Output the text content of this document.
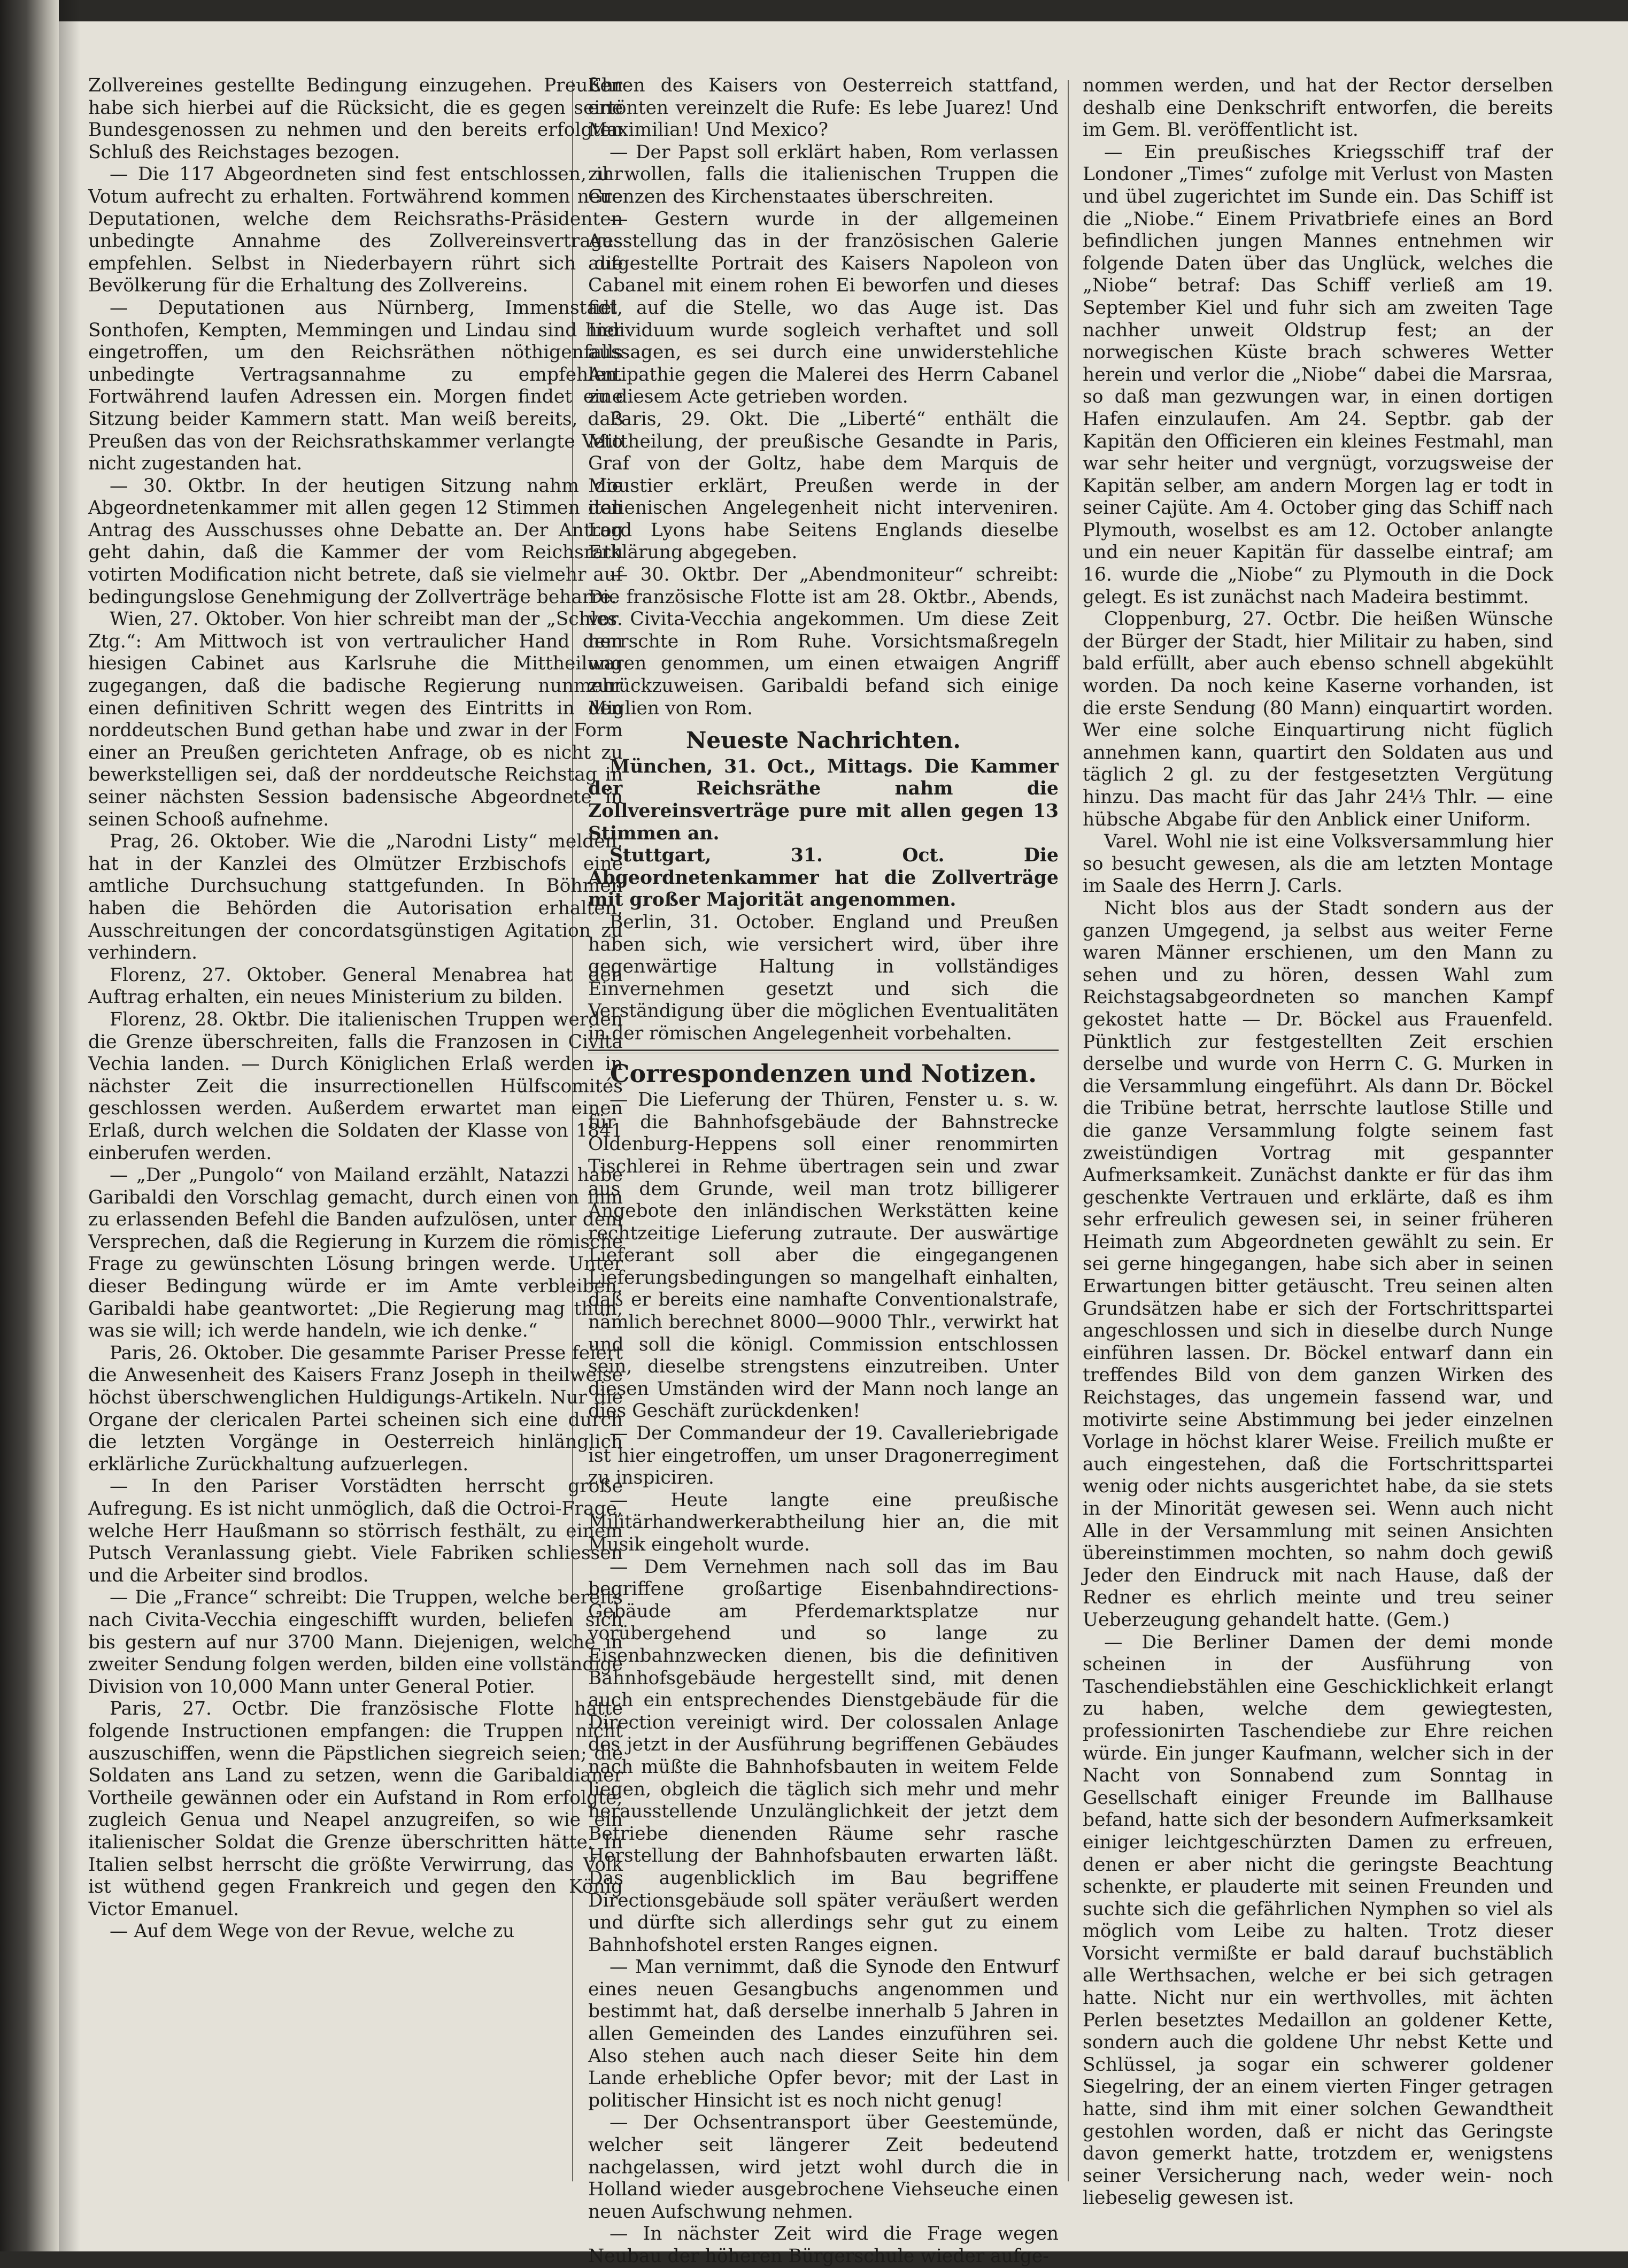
Zollvereines gestellte Bedingung einzugehen. Preußen habe sich hierbei auf die Rücksicht, die es gegen seine Bundesgenossen zu nehmen und den bereits erfolgten Schluß des Reichstages bezogen.

— Die 117 Abgeordneten sind fest entschlossen, ihr Votum aufrecht zu erhalten. Fortwährend kommen neue Deputationen, welche dem Reichsraths-Präsidenten unbedingte Annahme des Zollvereinsvertrages empfehlen. Selbst in Niederbayern rührt sich die Bevölkerung für die Erhaltung des Zollvereins.

— Deputationen aus Nürnberg, Immenstadt, Sonthofen, Kempten, Memmingen und Lindau sind hier eingetroffen, um den Reichsräthen nöthigenfalls unbedingte Vertragsannahme zu empfehlen. Fortwährend laufen Adressen ein. Morgen findet eine Sitzung beider Kammern statt. Man weiß bereits, daß Preußen das von der Reichsrathskammer verlangte Veto nicht zugestanden hat.

— 30. Oktbr. In der heutigen Sitzung nahm die Abgeordnetenkammer mit allen gegen 12 Stimmen den Antrag des Ausschusses ohne Debatte an. Der Antrag geht dahin, daß die Kammer der vom Reichsrath votirten Modification nicht betrete, daß sie vielmehr auf bedingungslose Genehmigung der Zollverträge beharre.

Wien, 27. Oktober. Von hier schreibt man der „Schles. Ztg.“: Am Mittwoch ist von vertraulicher Hand dem hiesigen Cabinet aus Karlsruhe die Mittheilung zugegangen, daß die badische Regierung nunmehr einen definitiven Schritt wegen des Eintritts in den norddeutschen Bund gethan habe und zwar in der Form einer an Preußen gerichteten Anfrage, ob es nicht zu bewerkstelligen sei, daß der norddeutsche Reichstag in seiner nächsten Session badensische Abgeordnete in seinen Schooß aufnehme.

Prag, 26. Oktober. Wie die „Narodni Listy“ melden, hat in der Kanzlei des Olmützer Erzbischofs eine amtliche Durchsuchung stattgefunden. In Böhmen haben die Behörden die Autorisation erhalten, Ausschreitungen der concordatsgünstigen Agitation zu verhindern.

Florenz, 27. Oktober. General Menabrea hat den Auftrag erhalten, ein neues Ministerium zu bilden.

Florenz, 28. Oktbr. Die italienischen Truppen werden die Grenze überschreiten, falls die Franzosen in Civita Vechia landen. — Durch Königlichen Erlaß werden in nächster Zeit die insurrectionellen Hülfscomités geschlossen werden. Außerdem erwartet man einen Erlaß, durch welchen die Soldaten der Klasse von 1841 einberufen werden.

— „Der „Pungolo“ von Mailand erzählt, Natazzi habe Garibaldi den Vorschlag gemacht, durch einen von ihm zu erlassenden Befehl die Banden aufzulösen, unter dem Versprechen, daß die Regierung in Kurzem die römische Frage zu gewünschten Lösung bringen werde. Unter dieser Bedingung würde er im Amte verbleiben. Garibaldi habe geantwortet: „Die Regierung mag thun, was sie will; ich werde handeln, wie ich denke.“

Paris, 26. Oktober. Die gesammte Pariser Presse feiert die Anwesenheit des Kaisers Franz Joseph in theilweise höchst überschwenglichen Huldigungs-Artikeln. Nur die Organe der clericalen Partei scheinen sich eine durch die letzten Vorgänge in Oesterreich hinlänglich erklärliche Zurückhaltung aufzuerlegen.

— In den Pariser Vorstädten herrscht große Aufregung. Es ist nicht unmöglich, daß die Octroi-Frage, welche Herr Haußmann so störrisch festhält, zu einem Putsch Veranlassung giebt. Viele Fabriken schliessen und die Arbeiter sind brodlos.

— Die „France“ schreibt: Die Truppen, welche bereits nach Civita-Vecchia eingeschifft wurden, beliefen sich bis gestern auf nur 3700 Mann. Diejenigen, welche in zweiter Sendung folgen werden, bilden eine vollständige Division von 10,000 Mann unter General Potier.

Paris, 27. Octbr. Die französische Flotte hatte folgende Instructionen empfangen: die Truppen nicht auszuschiffen, wenn die Päpstlichen siegreich seien; die Soldaten ans Land zu setzen, wenn die Garibaldianer Vortheile gewännen oder ein Aufstand in Rom erfolgte; zugleich Genua und Neapel anzugreifen, so wie ein italienischer Soldat die Grenze überschritten hätte. In Italien selbst herrscht die größte Verwirrung, das Volk ist wüthend gegen Frankreich und gegen den König Victor Emanuel.

— Auf dem Wege von der Revue, welche zu

Ehren des Kaisers von Oesterreich stattfand, ertönten vereinzelt die Rufe: Es lebe Juarez! Und Maximilian! Und Mexico?

— Der Papst soll erklärt haben, Rom verlassen zu wollen, falls die italienischen Truppen die Grenzen des Kirchenstaates überschreiten.

— Gestern wurde in der allgemeinen Ausstellung das in der französischen Galerie aufgestellte Portrait des Kaisers Napoleon von Cabanel mit einem rohen Ei beworfen und dieses fiel auf die Stelle, wo das Auge ist. Das Individuum wurde sogleich verhaftet und soll aussagen, es sei durch eine unwiderstehliche Antipathie gegen die Malerei des Herrn Cabanel zu diesem Acte getrieben worden.

Paris, 29. Okt. Die „Liberté“ enthält die Mittheilung, der preußische Gesandte in Paris, Graf von der Goltz, habe dem Marquis de Moustier erklärt, Preußen werde in der italienischen Angelegenheit nicht interveniren. Lord Lyons habe Seitens Englands dieselbe Erklärung abgegeben.

— 30. Oktbr. Der „Abendmoniteur“ schreibt: Die französische Flotte ist am 28. Oktbr., Abends, vor Civita-Vecchia angekommen. Um diese Zeit herrschte in Rom Ruhe. Vorsichtsmaßregeln waren genommen, um einen etwaigen Angriff zurückzuweisen. Garibaldi befand sich einige Miglien von Rom.

Neueste Nachrichten.

München, 31. Oct., Mittags. Die Kammer der Reichsräthe nahm die Zollvereinsverträge pure mit allen gegen 13 Stimmen an.

Stuttgart, 31. Oct. Die Abgeordnetenkammer hat die Zollverträge mit großer Majorität angenommen.

Berlin, 31. October. England und Preußen haben sich, wie versichert wird, über ihre gegenwärtige Haltung in vollständiges Einvernehmen gesetzt und sich die Verständigung über die möglichen Eventualitäten in der römischen Angelegenheit vorbehalten.

Correspondenzen und Notizen.

— Die Lieferung der Thüren, Fenster u. s. w. für die Bahnhofsgebäude der Bahnstrecke Oldenburg-Heppens soll einer renommirten Tischlerei in Rehme übertragen sein und zwar aus dem Grunde, weil man trotz billigerer Angebote den inländischen Werkstätten keine rechtzeitige Lieferung zutraute. Der auswärtige Lieferant soll aber die eingegangenen Lieferungsbedingungen so mangelhaft einhalten, daß er bereits eine namhafte Conventionalstrafe, nämlich berechnet 8000—9000 Thlr., verwirkt hat und soll die königl. Commission entschlossen sein, dieselbe strengstens einzutreiben. Unter diesen Umständen wird der Mann noch lange an dies Geschäft zurückdenken!

— Der Commandeur der 19. Cavalleriebrigade ist hier eingetroffen, um unser Dragonerregiment zu inspiciren.

— Heute langte eine preußische Militärhandwerkerabtheilung hier an, die mit Musik eingeholt wurde.

— Dem Vernehmen nach soll das im Bau begriffene großartige Eisenbahndirections-Gebäude am Pferdemarktsplatze nur vorübergehend und so lange zu Eisenbahnzwecken dienen, bis die definitiven Bahnhofsgebäude hergestellt sind, mit denen auch ein entsprechendes Dienstgebäude für die Direction vereinigt wird. Der colossalen Anlage des jetzt in der Ausführung begriffenen Gebäudes nach müßte die Bahnhofsbauten in weitem Felde liegen, obgleich die täglich sich mehr und mehr herausstellende Unzulänglichkeit der jetzt dem Betriebe dienenden Räume sehr rasche Herstellung der Bahnhofsbauten erwarten läßt. Das augenblicklich im Bau begriffene Directionsgebäude soll später veräußert werden und dürfte sich allerdings sehr gut zu einem Bahnhofshotel ersten Ranges eignen.

— Man vernimmt, daß die Synode den Entwurf eines neuen Gesangbuchs angenommen und bestimmt hat, daß derselbe innerhalb 5 Jahren in allen Gemeinden des Landes einzuführen sei. Also stehen auch nach dieser Seite hin dem Lande erhebliche Opfer bevor; mit der Last in politischer Hinsicht ist es noch nicht genug!

— Der Ochsentransport über Geestemünde, welcher seit längerer Zeit bedeutend nachgelassen, wird jetzt wohl durch die in Holland wieder ausgebrochene Viehseuche einen neuen Aufschwung nehmen.

— In nächster Zeit wird die Frage wegen Neubau der höheren Bürgerschule wieder aufge-

nommen werden, und hat der Rector derselben deshalb eine Denkschrift entworfen, die bereits im Gem. Bl. veröffentlicht ist.

— Ein preußisches Kriegsschiff traf der Londoner „Times“ zufolge mit Verlust von Masten und übel zugerichtet im Sunde ein. Das Schiff ist die „Niobe.“ Einem Privatbriefe eines an Bord befindlichen jungen Mannes entnehmen wir folgende Daten über das Unglück, welches die „Niobe“ betraf: Das Schiff verließ am 19. September Kiel und fuhr sich am zweiten Tage nachher unweit Oldstrup fest; an der norwegischen Küste brach schweres Wetter herein und verlor die „Niobe“ dabei die Marsraa, so daß man gezwungen war, in einen dortigen Hafen einzulaufen. Am 24. Septbr. gab der Kapitän den Officieren ein kleines Festmahl, man war sehr heiter und vergnügt, vorzugsweise der Kapitän selber, am andern Morgen lag er todt in seiner Cajüte. Am 4. October ging das Schiff nach Plymouth, woselbst es am 12. October anlangte und ein neuer Kapitän für dasselbe eintraf; am 16. wurde die „Niobe“ zu Plymouth in die Dock gelegt. Es ist zunächst nach Madeira bestimmt.

Cloppenburg, 27. Octbr. Die heißen Wünsche der Bürger der Stadt, hier Militair zu haben, sind bald erfüllt, aber auch ebenso schnell abgekühlt worden. Da noch keine Kaserne vorhanden, ist die erste Sendung (80 Mann) einquartirt worden. Wer eine solche Einquartirung nicht füglich annehmen kann, quartirt den Soldaten aus und täglich 2 gl. zu der festgesetzten Vergütung hinzu. Das macht für das Jahr 24⅓ Thlr. — eine hübsche Abgabe für den Anblick einer Uniform.

Varel. Wohl nie ist eine Volksversammlung hier so besucht gewesen, als die am letzten Montage im Saale des Herrn J. Carls.

Nicht blos aus der Stadt sondern aus der ganzen Umgegend, ja selbst aus weiter Ferne waren Männer erschienen, um den Mann zu sehen und zu hören, dessen Wahl zum Reichstagsabgeordneten so manchen Kampf gekostet hatte — Dr. Böckel aus Frauenfeld. Pünktlich zur festgestellten Zeit erschien derselbe und wurde von Herrn C. G. Murken in die Versammlung eingeführt. Als dann Dr. Böckel die Tribüne betrat, herrschte lautlose Stille und die ganze Versammlung folgte seinem fast zweistündigen Vortrag mit gespannter Aufmerksamkeit. Zunächst dankte er für das ihm geschenkte Vertrauen und erklärte, daß es ihm sehr erfreulich gewesen sei, in seiner früheren Heimath zum Abgeordneten gewählt zu sein. Er sei gerne hingegangen, habe sich aber in seinen Erwartungen bitter getäuscht. Treu seinen alten Grundsätzen habe er sich der Fortschrittspartei angeschlossen und sich in dieselbe durch Nunge einführen lassen. Dr. Böckel entwarf dann ein treffendes Bild von dem ganzen Wirken des Reichstages, das ungemein fassend war, und motivirte seine Abstimmung bei jeder einzelnen Vorlage in höchst klarer Weise. Freilich mußte er auch eingestehen, daß die Fortschrittspartei wenig oder nichts ausgerichtet habe, da sie stets in der Minorität gewesen sei. Wenn auch nicht Alle in der Versammlung mit seinen Ansichten übereinstimmen mochten, so nahm doch gewiß Jeder den Eindruck mit nach Hause, daß der Redner es ehrlich meinte und treu seiner Ueberzeugung gehandelt hatte. (Gem.)

— Die Berliner Damen der demi monde scheinen in der Ausführung von Taschendiebstählen eine Geschicklichkeit erlangt zu haben, welche dem gewiegtesten, professionirten Taschendiebe zur Ehre reichen würde. Ein junger Kaufmann, welcher sich in der Nacht von Sonnabend zum Sonntag in Gesellschaft einiger Freunde im Ballhause befand, hatte sich der besondern Aufmerksamkeit einiger leichtgeschürzten Damen zu erfreuen, denen er aber nicht die geringste Beachtung schenkte, er plauderte mit seinen Freunden und suchte sich die gefährlichen Nymphen so viel als möglich vom Leibe zu halten. Trotz dieser Vorsicht vermißte er bald darauf buchstäblich alle Werthsachen, welche er bei sich getragen hatte. Nicht nur ein werthvolles, mit ächten Perlen besetztes Medaillon an goldener Kette, sondern auch die goldene Uhr nebst Kette und Schlüssel, ja sogar ein schwerer goldener Siegelring, der an einem vierten Finger getragen hatte, sind ihm mit einer solchen Gewandtheit gestohlen worden, daß er nicht das Geringste davon gemerkt hatte, trotzdem er, wenigstens seiner Versicherung nach, weder wein- noch liebeselig gewesen ist.
